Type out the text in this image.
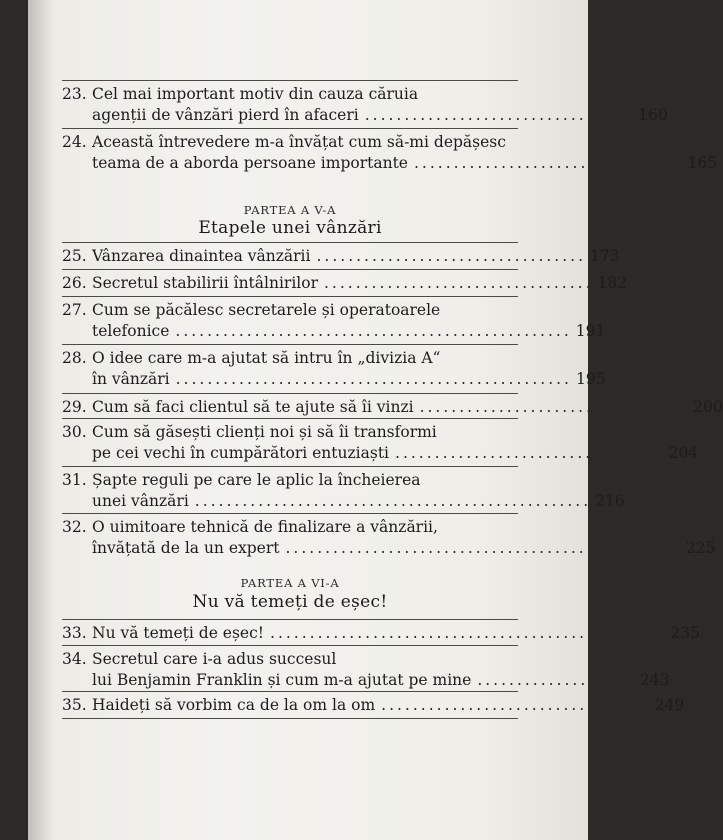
23. Cel mai important motiv din cauza căruia
agenții de vânzări pierd în afaceri .................................. 160
24. Această întrevedere m-a învățat cum să-mi depășesc
teama de a aborda persoane importante .................................. 165
PARTEA A V-A
Etapele unei vânzări
25. Vânzarea dinaintea vânzării .................................. 173
26. Secretul stabilirii întâlnirilor .................................. 182
27. Cum se păcălesc secretarele și operatoarele
telefonice .................................................. 191
28. O idee care m-a ajutat să intru în „divizia A“
în vânzări .................................................. 195
29. Cum să faci clientul să te ajute să îi vinzi .................................. 200
30. Cum să găsești clienți noi și să îi transformi
pe cei vechi în cumpărători entuziaști .................................. 204
31. Șapte reguli pe care le aplic la încheierea
unei vânzări .................................................. 216
32. O uimitoare tehnică de finalizare a vânzării,
învățată de la un expert .................................................. 225
PARTEA A VI-A
Nu vă temeți de eșec!
33. Nu vă temeți de eșec! .................................................. 235
34. Secretul care i-a adus succesul
lui Benjamin Franklin și cum m-a ajutat pe mine .................... 243
35. Haideți să vorbim ca de la om la om .................................. 249
